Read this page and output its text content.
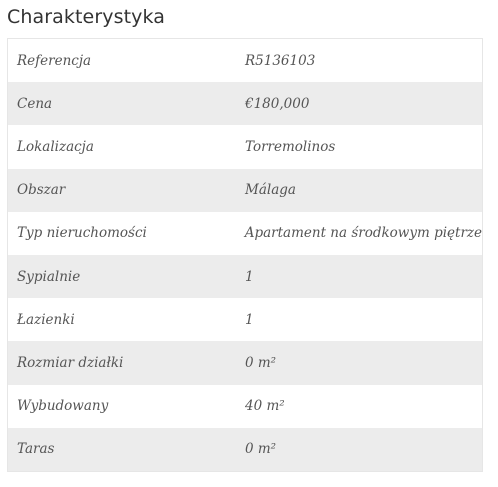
Charakterystyka
Referencja	R5136103
Cena	€180,000
Lokalizacja	Torremolinos
Obszar	Málaga
Typ nieruchomości	Apartament na środkowym piętrze
Sypialnie	1
Łazienki	1
Rozmiar działki	0 m²
Wybudowany	40 m²
Taras	0 m²
